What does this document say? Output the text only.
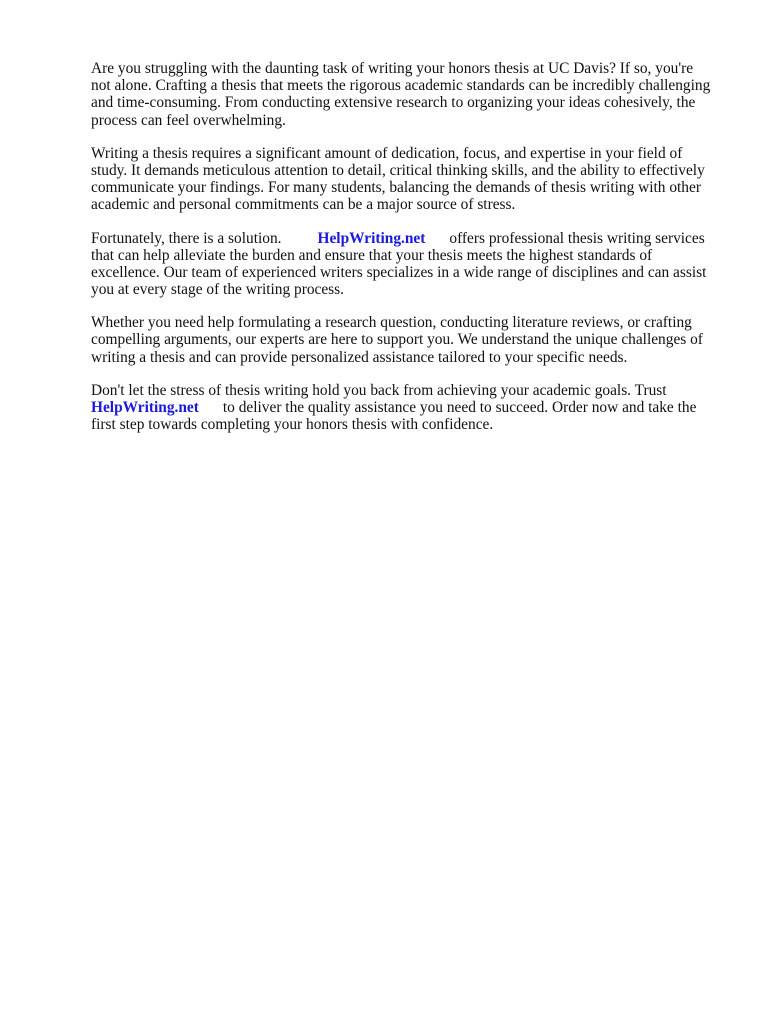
Are you struggling with the daunting task of writing your honors thesis at UC Davis? If so, you're
not alone. Crafting a thesis that meets the rigorous academic standards can be incredibly challenging
and time-consuming. From conducting extensive research to organizing your ideas cohesively, the
process can feel overwhelming.

Writing a thesis requires a significant amount of dedication, focus, and expertise in your field of
study. It demands meticulous attention to detail, critical thinking skills, and the ability to effectively
communicate your findings. For many students, balancing the demands of thesis writing with other
academic and personal commitments can be a major source of stress.

Fortunately, there is a solution. HelpWriting.net offers professional thesis writing services
that can help alleviate the burden and ensure that your thesis meets the highest standards of
excellence. Our team of experienced writers specializes in a wide range of disciplines and can assist
you at every stage of the writing process.

Whether you need help formulating a research question, conducting literature reviews, or crafting
compelling arguments, our experts are here to support you. We understand the unique challenges of
writing a thesis and can provide personalized assistance tailored to your specific needs.

Don't let the stress of thesis writing hold you back from achieving your academic goals. Trust
HelpWriting.net to deliver the quality assistance you need to succeed. Order now and take the
first step towards completing your honors thesis with confidence.
